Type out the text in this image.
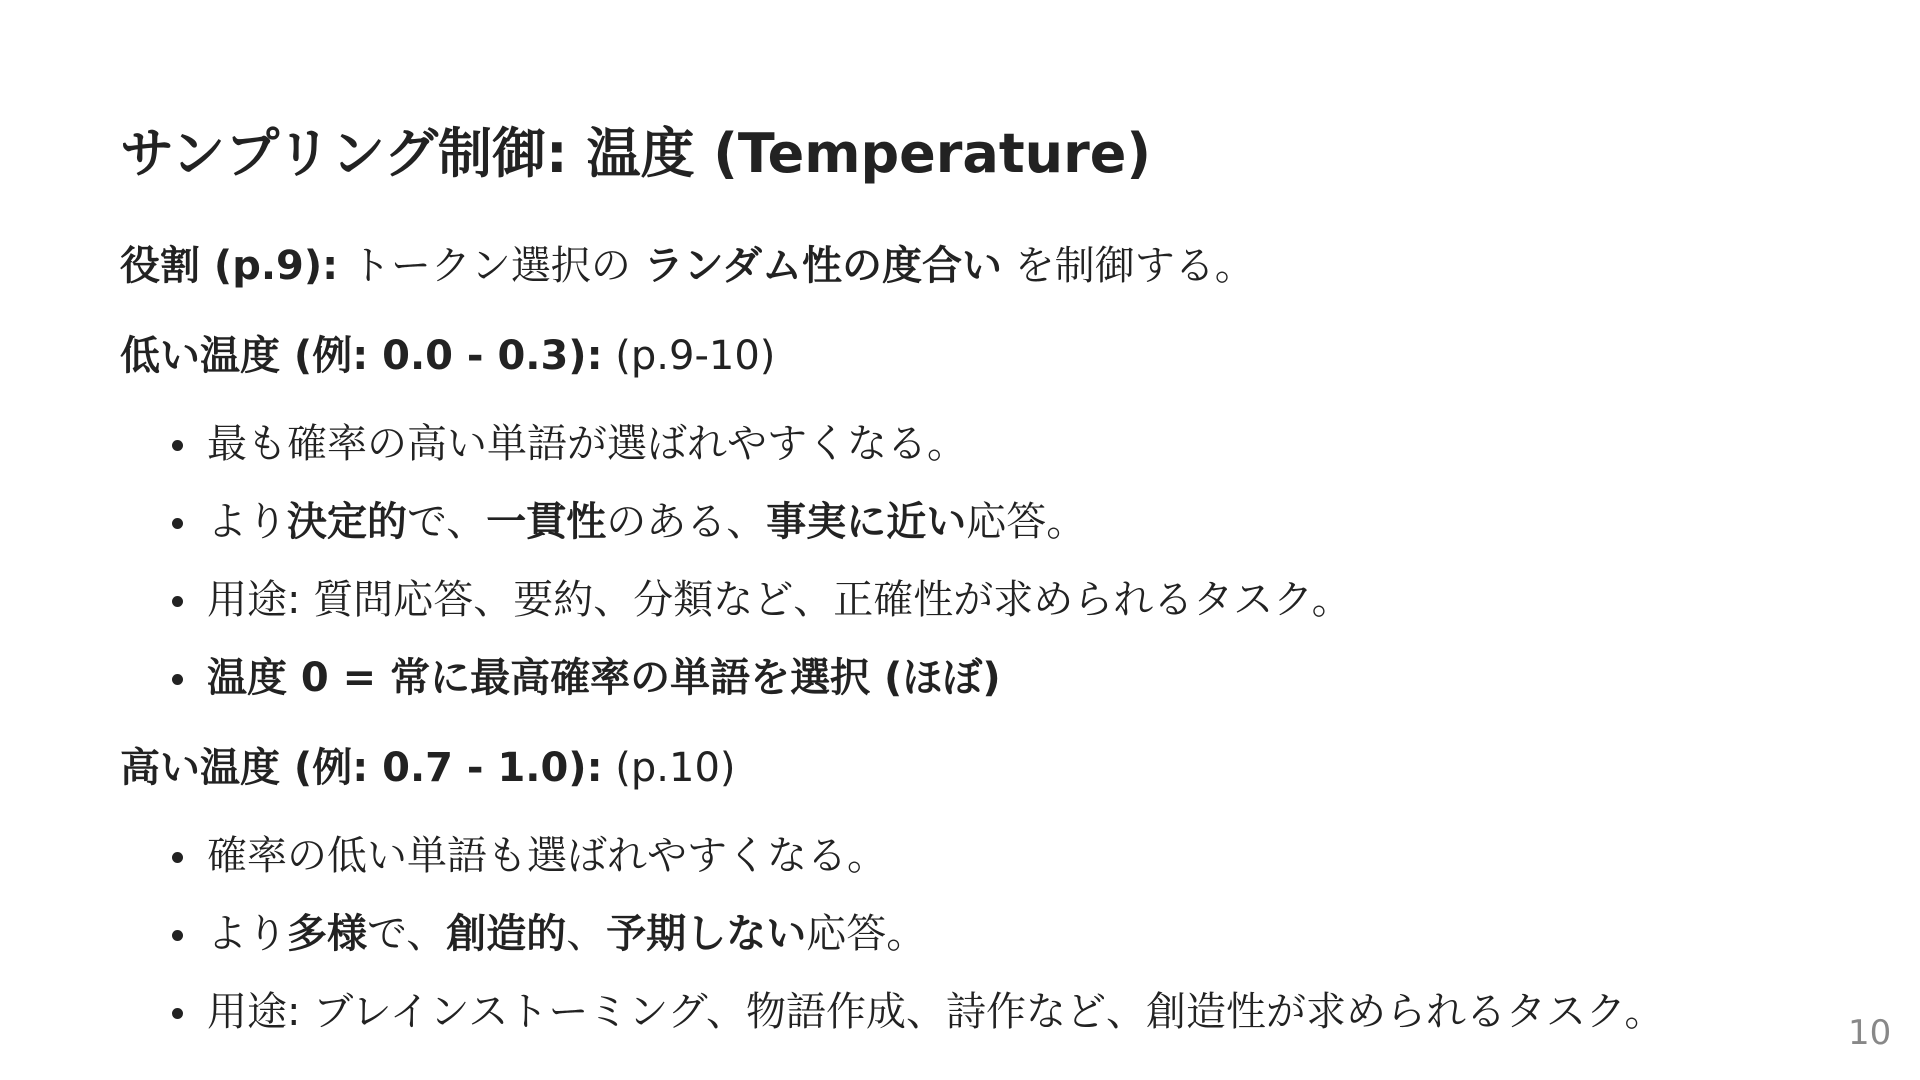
サンプリング制御: 温度 (Temperature)

役割 (p.9): トークン選択の ランダム性の度合い を制御する。

低い温度 (例: 0.0 - 0.3): (p.9-10)

最も確率の高い単語が選ばれやすくなる。

より決定的で、一貫性のある、事実に近い応答。

用途: 質問応答、要約、分類など、正確性が求められるタスク。

温度 0 = 常に最高確率の単語を選択 (ほぼ)

高い温度 (例: 0.7 - 1.0): (p.10)

確率の低い単語も選ばれやすくなる。

より多様で、創造的、予期しない応答。

用途: ブレインストーミング、物語作成、詩作など、創造性が求められるタスク。	10
